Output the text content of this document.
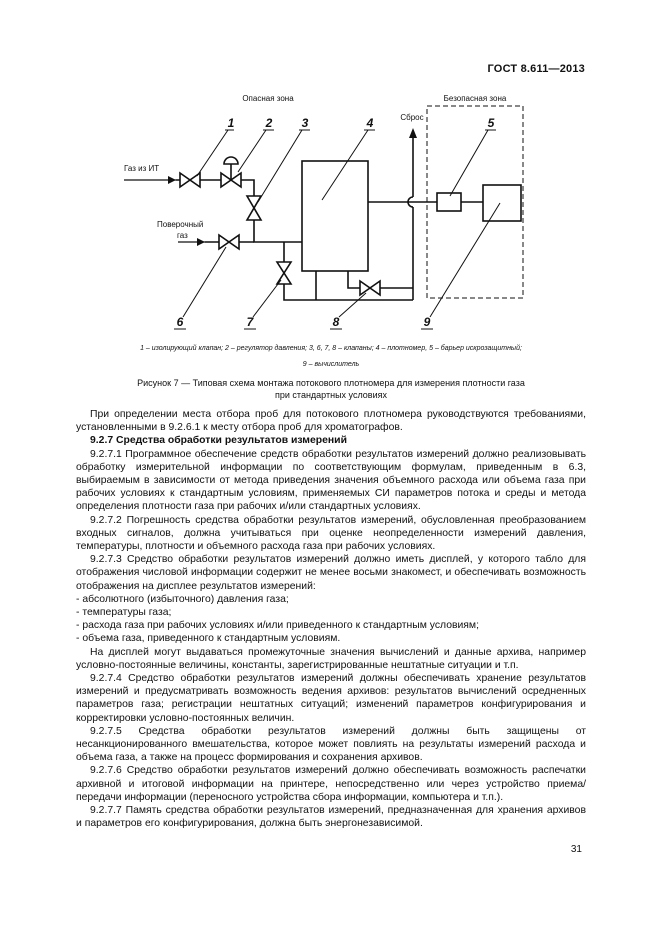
ГОСТ 8.611—2013
Опасная зона	Безопасная зона
Сброс
Газ из ИТ
Поверочный
газ
1	2 3	4	5
6	7	8	9
1 – изолирующий клапан; 2 – регулятор давления; 3, 6, 7, 8 – клапаны; 4 – плотномер, 5 – барьер искрозащитный;
9 – вычислитель
Рисунок 7 — Типовая схема монтажа потокового плотномера для измерения плотности газа
при стандартных условиях

При определении места отбора проб для потокового плотномера руководствуются требованиями, установленными в 9.2.6.1 к месту отбора проб для хроматографов.

9.2.7 Средства обработки результатов измерений

9.2.7.1 Программное обеспечение средств обработки результатов измерений должно реализовывать обработку измерительной информации по соответствующим формулам, приведенным в 6.3, выбираемым в зависимости от метода приведения значения объемного расхода или объема газа при рабочих условиях к стандартным условиям, применяемых СИ параметров потока и среды и метода определения плотности газа при рабочих и/или стандартных условиях.

9.2.7.2 Погрешность средства обработки результатов измерений, обусловленная преобразованием входных сигналов, должна учитываться при оценке неопределенности измерений давления, температуры, плотности и объемного расхода газа при рабочих условиях.

9.2.7.3 Средство обработки результатов измерений должно иметь дисплей, у которого табло для отображения числовой информации содержит не менее восьми знакомест, и обеспечивать возможность отображения на дисплее результатов измерений:

- абсолютного (избыточного) давления газа;

- температуры газа;

- расхода газа при рабочих условиях и/или приведенного к стандартным условиям;

- объема газа, приведенного к стандартным условиям.

На дисплей могут выдаваться промежуточные значения вычислений и данные архива, например условно-постоянные величины, константы, зарегистрированные нештатные ситуации и т.п.

9.2.7.4 Средство обработки результатов измерений должны обеспечивать хранение результатов измерений и предусматривать возможность ведения архивов: результатов вычислений осредненных параметров газа; регистрации нештатных ситуаций; изменений параметров конфигурирования и корректировки условно-постоянных величин.

9.2.7.5 Средства обработки результатов измерений должны быть защищены от несанкционированного вмешательства, которое может повлиять на результаты измерений расхода и объема газа, а также на процесс формирования и сохранения архивов.

9.2.7.6 Средство обработки результатов измерений должно обеспечивать возможность распечатки архивной и итоговой информации на принтере, непосредственно или через устройство приема/передачи информации (переносного устройства сбора информации, компьютера и т.п.).

9.2.7.7 Память средства обработки результатов измерений, предназначенная для хранения архивов и параметров его конфигурирования, должна быть энергонезависимой.

31
